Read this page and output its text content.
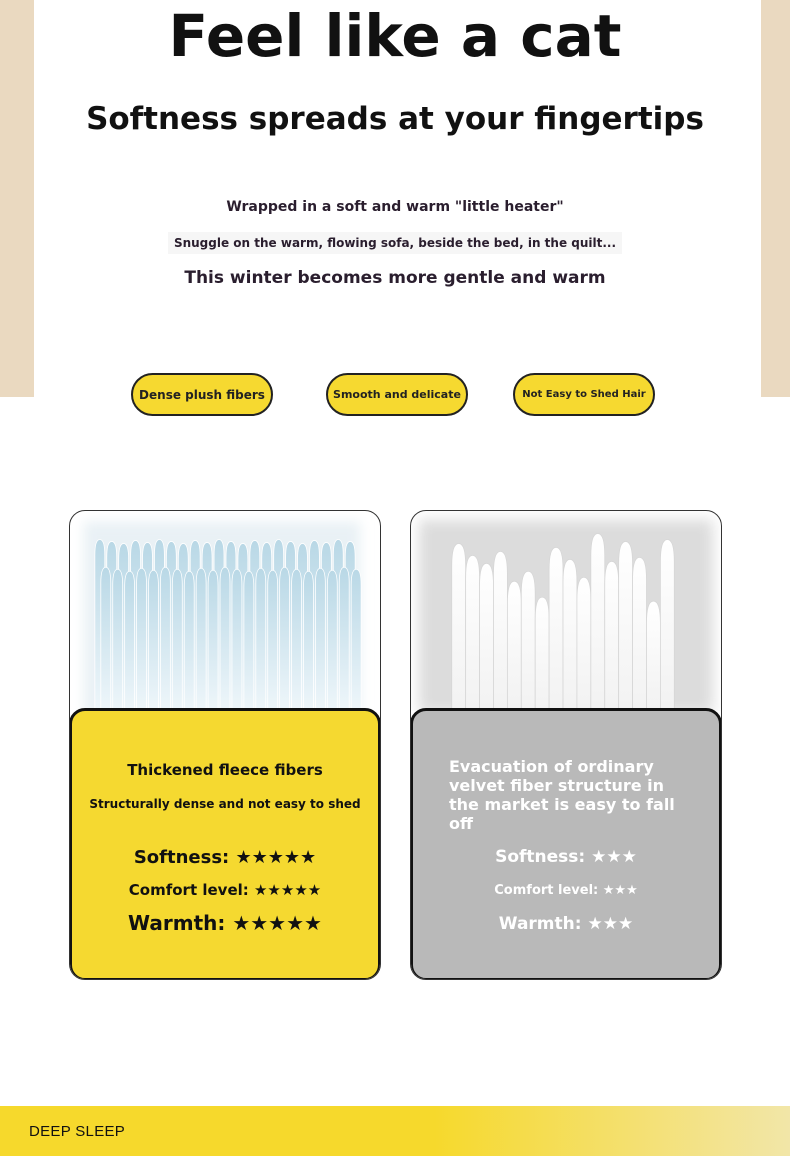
Feel like a cat
Softness spreads at your fingertips
Wrapped in a soft and warm "little heater"
Snuggle on the warm, flowing sofa, beside the bed, in the quilt...
This winter becomes more gentle and warm
Dense plush fibers	Smooth and delicate	Not Easy to Shed Hair
Thickened fleece fibers
Structurally dense and not easy to shed
Softness: ★★★★★
Comfort level: ★★★★★
Warmth: ★★★★★
Evacuation of ordinary velvet fiber structure in the market is easy to fall off
Softness: ★★★
Comfort level: ★★★
Warmth: ★★★
DEEP SLEEP
